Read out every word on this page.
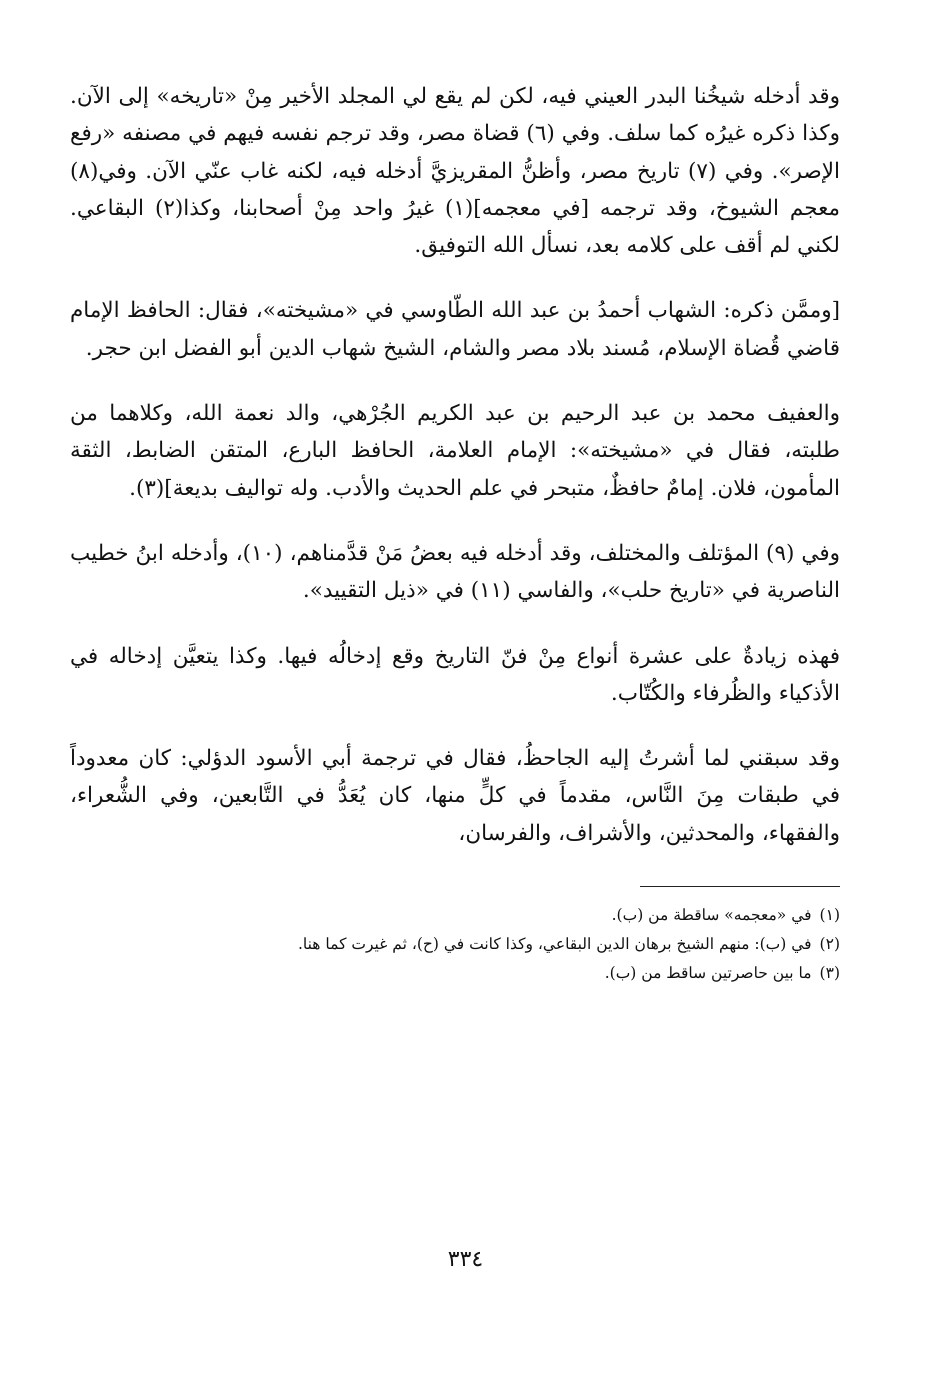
وقد أدخله شيخُنا البدر العيني فيه، لكن لم يقع لي المجلد الأخير مِنْ «تاريخه» إلى الآن. وكذا ذكره غيرُه كما سلف. وفي (٦) قضاة مصر، وقد ترجم نفسه فيهم في مصنفه «رفع الإصر». وفي (٧) تاريخ مصر، وأظنُّ المقريزيَّ أدخله فيه، لكنه غاب عنّي الآن. وفي(٨) معجم الشيوخ، وقد ترجمه [في معجمه](١) غيرُ واحد مِنْ أصحابنا، وكذا(٢) البقاعي. لكني لم أقف على كلامه بعد، نسأل الله التوفيق.

[وممَّن ذكره: الشهاب أحمدُ بن عبد الله الطّاوسي في «مشيخته»، فقال: الحافظ الإمام قاضي قُضاة الإسلام، مُسند بلاد مصر والشام، الشيخ شهاب الدين أبو الفضل ابن حجر.

والعفيف محمد بن عبد الرحيم بن عبد الكريم الجُرْهي، والد نعمة الله، وكلاهما من طلبته، فقال في «مشيخته»: الإمام العلامة، الحافظ البارع، المتقن الضابط، الثقة المأمون، فلان. إمامٌ حافظٌ، متبحر في علم الحديث والأدب. وله تواليف بديعة](٣).

وفي (٩) المؤتلف والمختلف، وقد أدخله فيه بعضُ مَنْ قدَّمناهم، (١٠)، وأدخله ابنُ خطيب الناصرية في «تاريخ حلب»، والفاسي (١١) في «ذيل التقييد».

فهذه زيادةٌ على عشرة أنواع مِنْ فنّ التاريخ وقع إدخالُه فيها. وكذا يتعيَّن إدخاله في الأذكياء والظُرفاء والكُتّاب.

وقد سبقني لما أشرتُ إليه الجاحظُ، فقال في ترجمة أبي الأسود الدؤلي: كان معدوداً في طبقات مِنَ النَّاس، مقدماً في كلٍّ منها، كان يُعَدُّ في التَّابعين، وفي الشُّعراء، والفقهاء، والمحدثين، والأشراف، والفرسان،

(١)في «معجمه» ساقطة من (ب).

(٢)في (ب): منهم الشيخ برهان الدين البقاعي، وكذا كانت في (ح)، ثم غيرت كما هنا.

(٣)ما بين حاصرتين ساقط من (ب).

٣٣٤
